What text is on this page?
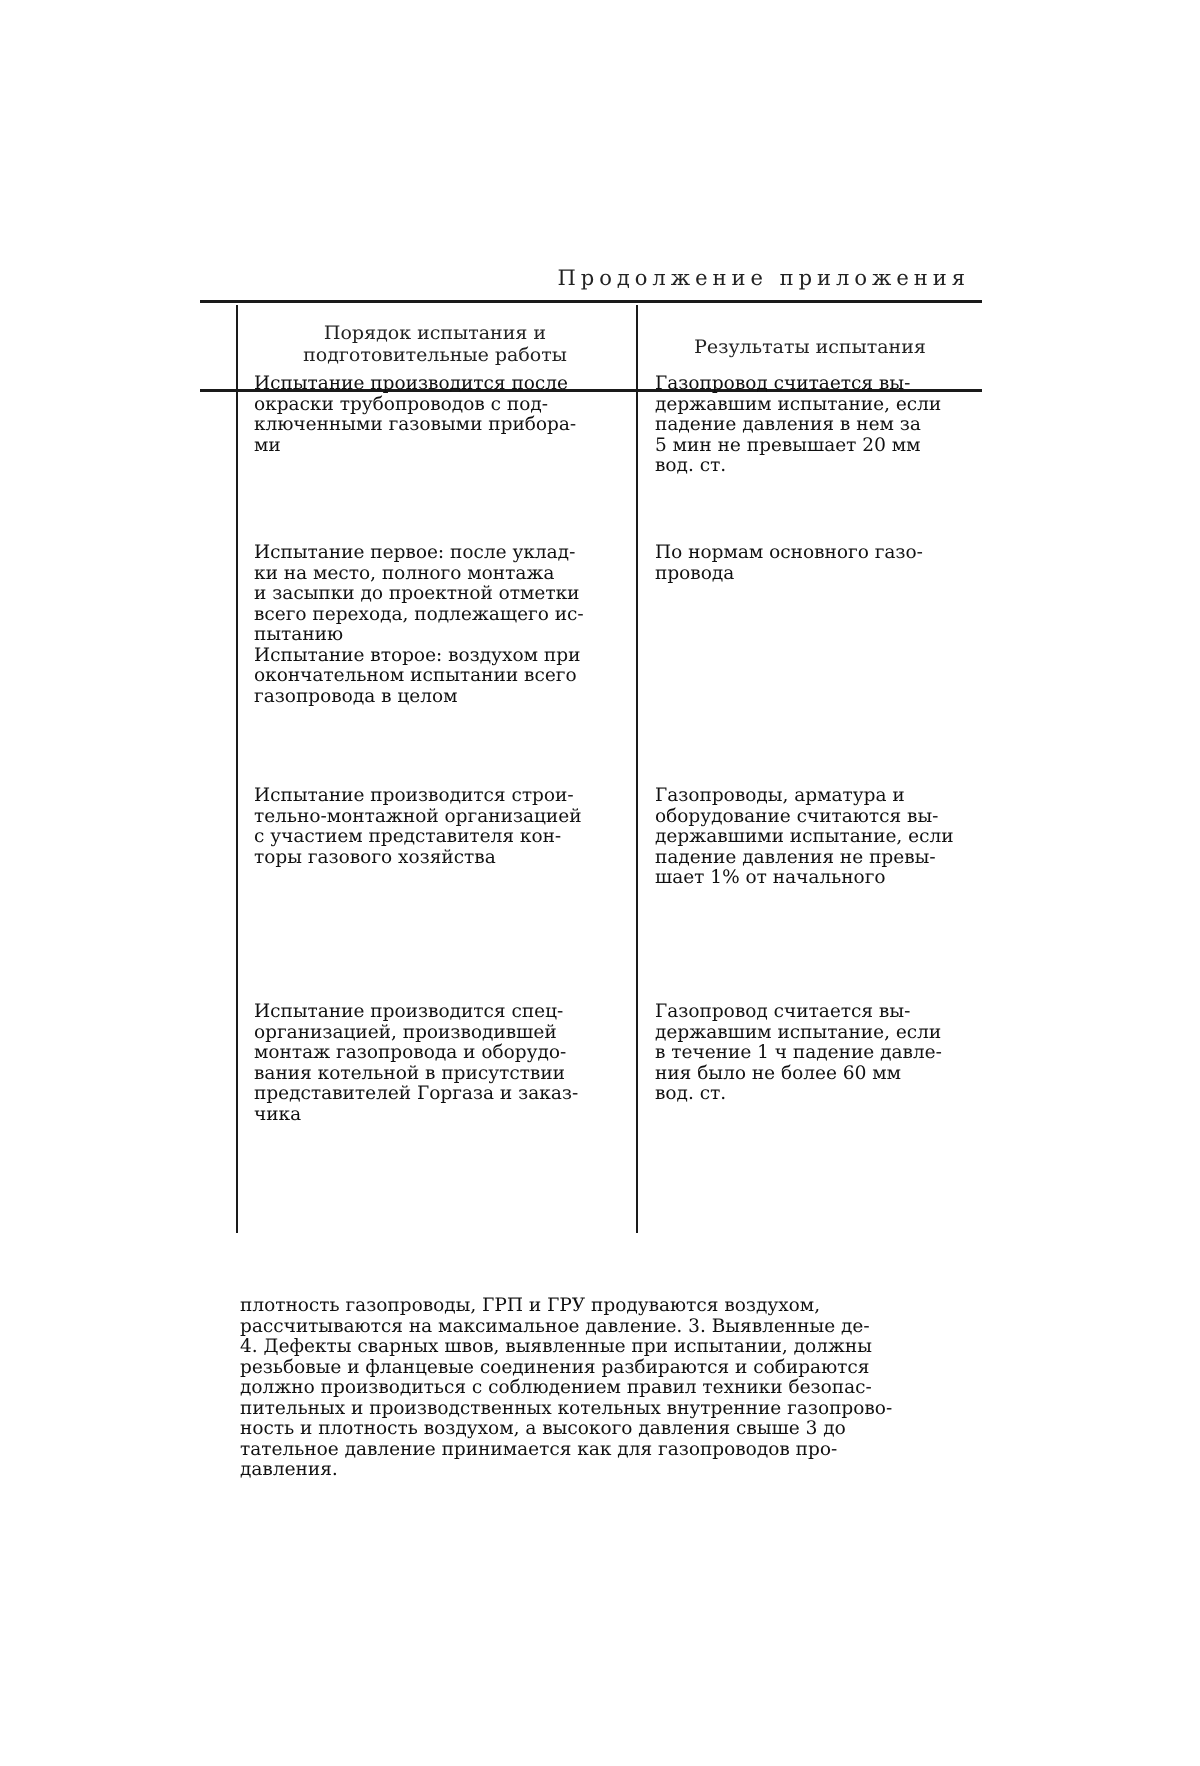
Продолжение приложения
Порядок испытания и подготовительные работы	Результаты испытания
Испытание производится после
окраски трубопроводов с под-
ключенными газовыми прибора-
ми
Газопровод считается вы-
державшим испытание, если
падение давления в нем за
5 мин не превышает 20 мм
вод. ст.
Испытание первое: после уклад-
ки на место, полного монтажа
и засыпки до проектной отметки
всего перехода, подлежащего ис-
пытанию
Испытание второе: воздухом при
окончательном испытании всего
газопровода в целом
По нормам основного газо-
провода
Испытание производится строи-
тельно-монтажной организацией
с участием представителя кон-
торы газового хозяйства
Газопроводы, арматура и
оборудование считаются вы-
державшими испытание, если
падение давления не превы-
шает 1% от начального
Испытание производится спец-
организацией, производившей
монтаж газопровода и оборудо-
вания котельной в присутствии
представителей Горгаза и заказ-
чика
Газопровод считается вы-
державшим испытание, если
в течение 1 ч падение давле-
ния было не более 60 мм
вод. ст.
плотность газопроводы, ГРП и ГРУ продуваются воздухом,
рассчитываются на максимальное давление. 3. Выявленные де-
4. Дефекты сварных швов, выявленные при испытании, должны
резьбовые и фланцевые соединения разбираются и собираются
должно производиться с соблюдением правил техники безопас-
пительных и производственных котельных внутренние газопрово-
ность и плотность воздухом, а высокого давления свыше 3 до
тательное давление принимается как для газопроводов про-
давления.
